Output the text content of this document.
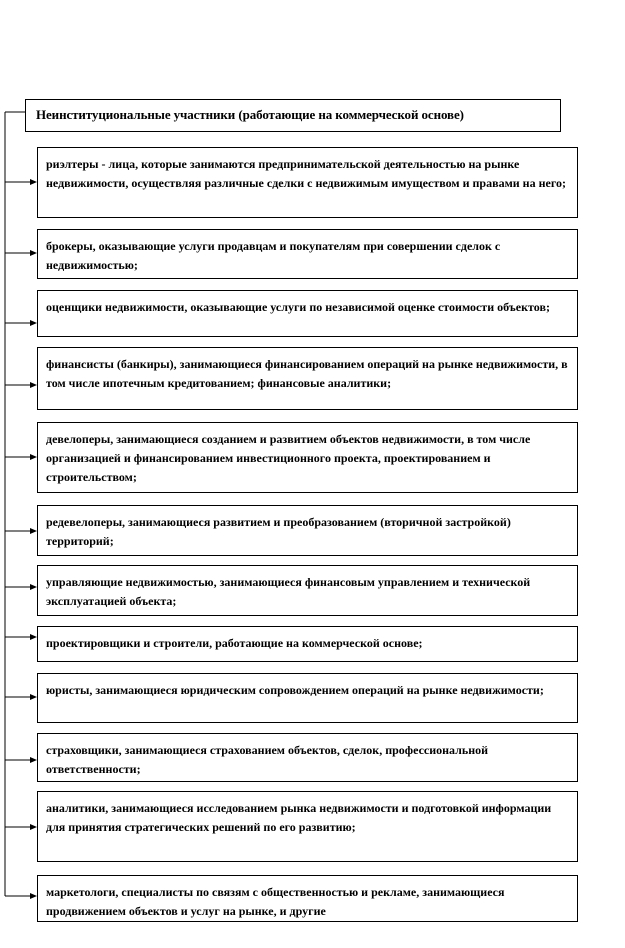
Неинституциональные участники (работающие на коммерческой основе)
риэлтеры - лица, которые занимаются предпринимательской деятельностью на рынке недвижимости, осуществляя различные сделки с недвижимым имуществом и правами на него;
брокеры, оказывающие услуги продавцам и покупателям при совершении сделок с недвижимостью;
оценщики недвижимости, оказывающие услуги по независимой оценке стоимости объектов;
финансисты (банкиры), занимающиеся финансированием операций на рынке недвижимости, в том числе ипотечным кредитованием; финансовые аналитики;
девелоперы, занимающиеся созданием и развитием объектов недвижимости, в том числе организацией и финансированием инвестиционного проекта, проектированием и строительством;
редевелоперы, занимающиеся развитием и преобразованием (вторичной застройкой) территорий;
управляющие недвижимостью, занимающиеся финансовым управлением и технической эксплуатацией объекта;
проектировщики и строители, работающие на коммерческой основе;
юристы, занимающиеся юридическим сопровождением операций на рынке недвижимости;
страховщики, занимающиеся страхованием объектов, сделок, профессиональной ответственности;
аналитики, занимающиеся исследованием рынка недвижимости и подготовкой информации для принятия стратегических решений по его развитию;
маркетологи, специалисты по связям с общественностью и рекламе, занимающиеся продвижением объектов и услуг на рынке, и другие
